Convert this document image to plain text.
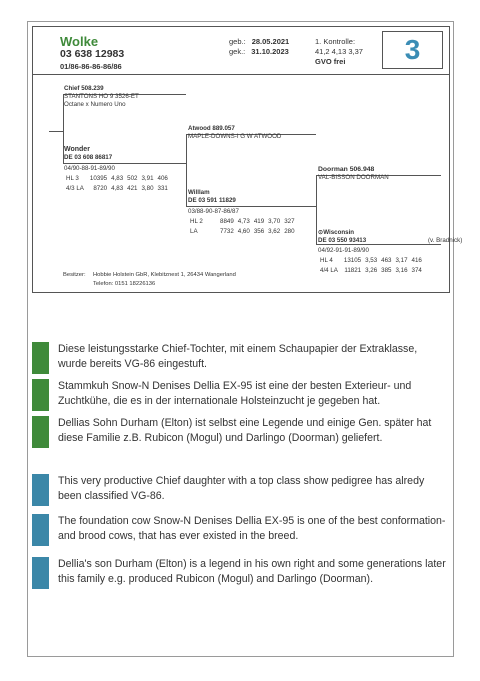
Wolke
03 638 12983
01/86-86-86-86/86
geb.: 28.05.2021
gek.: 31.10.2023
1. Kontrolle:
41,2 4,13 3,37
GVO frei	3
Chief 508.239
STANTONS HO 9 3526-ET
Octane x Numero Uno
Wonder
DE 03 608 86817
04/90-88-91-89/90
HL 3	10395	4,83	502	3,91	406
4/3 LA	8720	4,83	421	3,80	331
Atwood 889.057
MAPLE-DOWNS-I G W ATWOOD
Willlam
DE 03 591 11829
03/88-90-87-86/87
HL 2	8849	4,73	419	3,70	327
LA	7732	4,60	356	3,62	280
Doorman 506.948
VAL-BISSON DOORMAN
⊙Wisconsin
DE 03 550 93413	(v. Bradnick)
04/92-91-91-89/90
HL 4	13105	3,53	463	3,17	416
4/4 LA	11821	3,26	385	3,16	374
Besitzer: Hobbie Holstein GbR, Klebitznest 1, 26434 Wangerland
Telefon: 0151 18226136
Diese leistungsstarke Chief-Tochter, mit einem Schaupapier der Extraklasse, wurde bereits VG-86 eingestuft.
Stammkuh Snow-N Denises Dellia EX-95 ist eine der besten Exterieur- und Zuchtkühe, die es in der internationale Holsteinzucht je gegeben hat.
Dellias Sohn Durham (Elton) ist selbst eine Legende und einige Gen. später hat diese Familie z.B. Rubicon (Mogul) und Darlingo (Doorman) geliefert.
This very productive Chief daughter with a top class show pedigree has alredy been classified VG-86.
The foundation cow Snow-N Denises Dellia EX-95 is one of the best conformation- and brood cows, that has ever existed in the breed.
Dellia's son Durham (Elton) is a legend in his own right and some generations later this family e.g. produced Rubicon (Mogul) and Darlingo (Doorman).
